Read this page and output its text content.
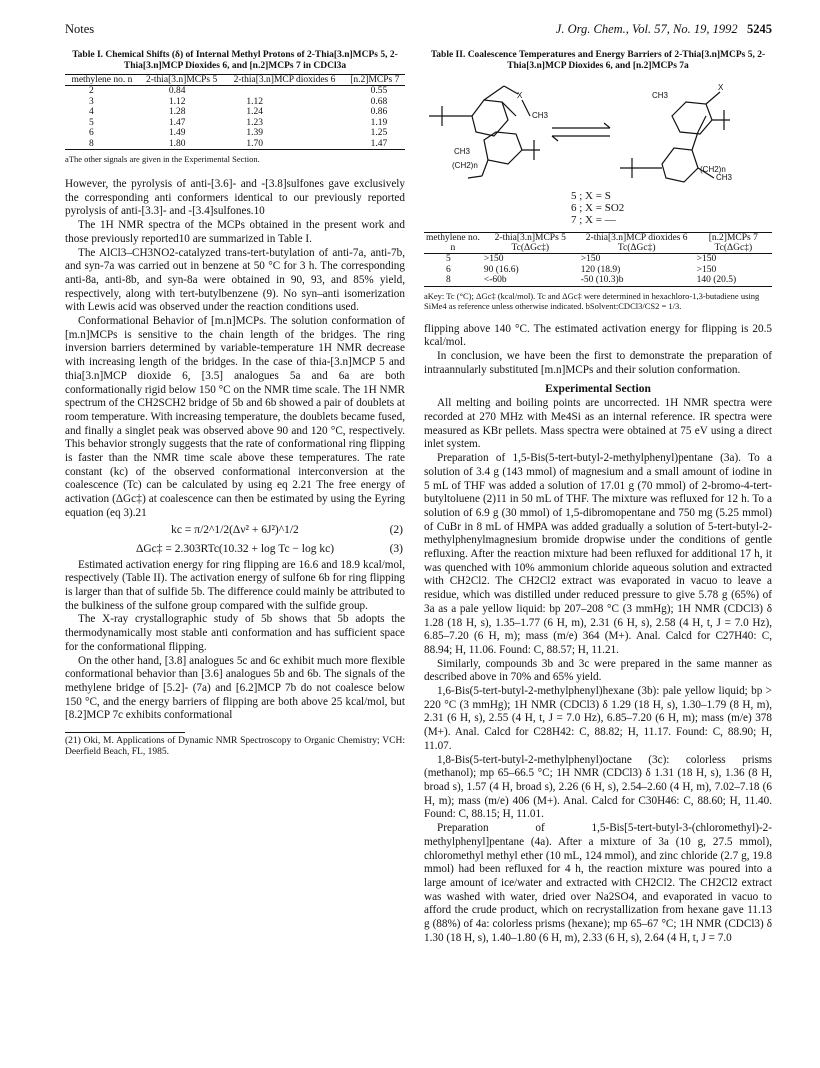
Notes	J. Org. Chem., Vol. 57, No. 19, 1992 5245
Table I. Chemical Shifts (δ) of Internal Methyl Protons of 2-Thia[3.n]MCPs 5, 2-Thia[3.n]MCP Dioxides 6, and [n.2]MCPs 7 in CDCl3a
methylene no. n	2-thia[3.n]MCPs 5	2-thia[3.n]MCP dioxides 6	[n.2]MCPs 7
2	0.84		0.55
3	1.12	1.12	0.68
4	1.28	1.24	0.86
5	1.47	1.23	1.19
6	1.49	1.39	1.25
8	1.80	1.70	1.47
aThe other signals are given in the Experimental Section.

However, the pyrolysis of anti-[3.6]- and -[3.8]sulfones gave exclusively the corresponding anti conformers identical to our previously reported pyrolysis of anti-[3.3]- and -[3.4]sulfones.10

The 1H NMR spectra of the MCPs obtained in the present work and those previously reported10 are summarized in Table I.

The AlCl3–CH3NO2-catalyzed trans-tert-butylation of anti-7a, anti-7b, and syn-7a was carried out in benzene at 50 °C for 3 h. The corresponding anti-8a, anti-8b, and syn-8a were obtained in 90, 93, and 85% yield, respectively, along with tert-butylbenzene (9). No syn–anti isomerization with Lewis acid was observed under the reaction conditions used.

Conformational Behavior of [m.n]MCPs. The solution conformation of [m.n]MCPs is sensitive to the chain length of the bridges. The ring inversion barriers determined by variable-temperature 1H NMR decrease with increasing length of the bridges. In the case of thia-[3.n]MCP 5 and thia[3.n]MCP dioxide 6, [3.5] analogues 5a and 6a are both conformationally rigid below 150 °C on the NMR time scale. The 1H NMR spectrum of the CH2SCH2 bridge of 5b and 6b showed a pair of doublets at room temperature. With increasing temperature, the doublets became fused, and finally a singlet peak was observed above 90 and 120 °C, respectively. This behavior strongly suggests that the rate of conformational ring flipping is faster than the NMR time scale above these temperatures. The rate constant (kc) of the observed conformational interconversion at the coalescence (Tc) can be calculated by using eq 2.21 The free energy of activation (ΔGc‡) at coalescence can then be estimated by using the Eyring equation (eq 3).21

kc = π/2^1/2(Δν² + 6J²)^1/2	(2)
ΔGc‡ = 2.303RTc(10.32 + log Tc − log kc)	(3)

Estimated activation energy for ring flipping are 16.6 and 18.9 kcal/mol, respectively (Table II). The activation energy of sulfone 6b for ring flipping is larger than that of sulfide 5b. The difference could mainly be attributed to the bulkiness of the sulfone group compared with the sulfide group.

The X-ray crystallographic study of 5b shows that 5b adopts the thermodynamically most stable anti conformation and has sufficient space for the conformational flipping.

On the other hand, [3.8] analogues 5c and 6c exhibit much more flexible conformational behavior than [3.6] analogues 5b and 6b. The signals of the methylene bridge of [5.2]- (7a) and [6.2]MCP 7b do not coalesce below 150 °C, and the energy barriers of flipping are both above 25 kcal/mol, but [8.2]MCP 7c exhibits conformational

(21) Oki, M. Applications of Dynamic NMR Spectroscopy to Organic Chemistry; VCH: Deerfield Beach, FL, 1985.
Table II. Coalescence Temperatures and Energy Barriers of 2-Thia[3.n]MCPs 5, 2-Thia[3.n]MCP Dioxides 6, and [n.2]MCPs 7a
X
CH3
CH3
(CH2)n
CH3
X
CH3
(CH2)n
5 ; X = S
6 ; X = SO2
7 ; X = —
methylene no. n	2-thia[3.n]MCPs 5 Tc(ΔGc‡)	2-thia[3.n]MCP dioxides 6 Tc(ΔGc‡)	[n.2]MCPs 7 Tc(ΔGc‡)
5	>150	>150	>150
6	90 (16.6)	120 (18.9)	>150
8	<-60b	-50 (10.3)b	140 (20.5)
aKey: Tc (°C); ΔGc‡ (kcal/mol). Tc and ΔGc‡ were determined in hexachloro-1,3-butadiene using SiMe4 as reference unless otherwise indicated. bSolvent:CDCl3/CS2 = 1/3.

flipping above 140 °C. The estimated activation energy for flipping is 20.5 kcal/mol.

In conclusion, we have been the first to demonstrate the preparation of intraannularly substituted [m.n]MCPs and their solution conformation.

Experimental Section

All melting and boiling points are uncorrected. 1H NMR spectra were recorded at 270 MHz with Me4Si as an internal reference. IR spectra were measured as KBr pellets. Mass spectra were obtained at 75 eV using a direct inlet system.

Preparation of 1,5-Bis(5-tert-butyl-2-methylphenyl)pentane (3a). To a solution of 3.4 g (143 mmol) of magnesium and a small amount of iodine in 5 mL of THF was added a solution of 17.01 g (70 mmol) of 2-bromo-4-tert-butyltoluene (2)11 in 50 mL of THF. The mixture was refluxed for 12 h. To a solution of 6.9 g (30 mmol) of 1,5-dibromopentane and 750 mg (5.25 mmol) of CuBr in 8 mL of HMPA was added gradually a solution of 5-tert-butyl-2-methylphenylmagnesium bromide dropwise under the conditions of gentle refluxing. After the reaction mixture had been refluxed for additional 17 h, it was quenched with 10% ammonium chloride aqueous solution and extracted with CH2Cl2. The CH2Cl2 extract was evaporated in vacuo to leave a residue, which was distilled under reduced pressure to give 5.78 g (65%) of 3a as a pale yellow liquid: bp 207–208 °C (3 mmHg); 1H NMR (CDCl3) δ 1.28 (18 H, s), 1.35–1.77 (6 H, m), 2.31 (6 H, s), 2.58 (4 H, t, J = 7.0 Hz), 6.85–7.20 (6 H, m); mass (m/e) 364 (M+). Anal. Calcd for C27H40: C, 88.94; H, 11.06. Found: C, 88.57; H, 11.21.

Similarly, compounds 3b and 3c were prepared in the same manner as described above in 70% and 65% yield.

1,6-Bis(5-tert-butyl-2-methylphenyl)hexane (3b): pale yellow liquid; bp > 220 °C (3 mmHg); 1H NMR (CDCl3) δ 1.29 (18 H, s), 1.30–1.79 (8 H, m), 2.31 (6 H, s), 2.55 (4 H, t, J = 7.0 Hz), 6.85–7.20 (6 H, m); mass (m/e) 378 (M+). Anal. Calcd for C28H42: C, 88.82; H, 11.17. Found: C, 88.90; H, 11.07.

1,8-Bis(5-tert-butyl-2-methylphenyl)octane (3c): colorless prisms (methanol); mp 65–66.5 °C; 1H NMR (CDCl3) δ 1.31 (18 H, s), 1.36 (8 H, broad s), 1.57 (4 H, broad s), 2.26 (6 H, s), 2.54–2.60 (4 H, m), 7.02–7.18 (6 H, m); mass (m/e) 406 (M+). Anal. Calcd for C30H46: C, 88.60; H, 11.40. Found: C, 88.15; H, 11.01.

Preparation of 1,5-Bis[5-tert-butyl-3-(chloromethyl)-2-methylphenyl]pentane (4a). After a mixture of 3a (10 g, 27.5 mmol), chloromethyl methyl ether (10 mL, 124 mmol), and zinc chloride (2.7 g, 19.8 mmol) had been refluxed for 4 h, the reaction mixture was poured into a large amount of ice/water and extracted with CH2Cl2. The CH2Cl2 extract was washed with water, dried over Na2SO4, and evaporated in vacuo to afford the crude product, which on recrystallization from hexane gave 11.13 g (88%) of 4a: colorless prisms (hexane); mp 65–67 °C; 1H NMR (CDCl3) δ 1.30 (18 H, s), 1.40–1.80 (6 H, m), 2.33 (6 H, s), 2.64 (4 H, t, J = 7.0
